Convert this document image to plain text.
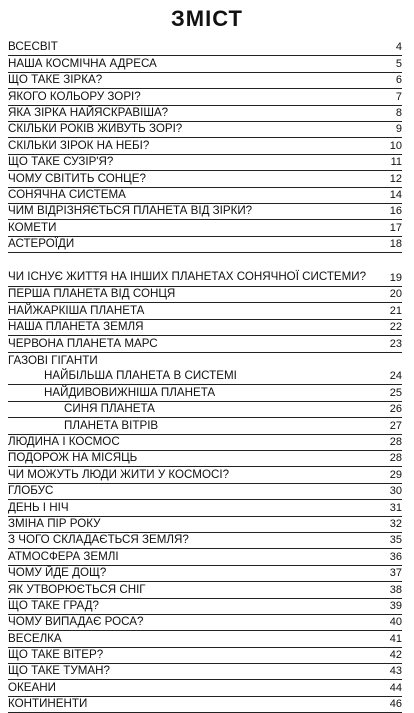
ЗМІСТ
ВСЕСВІТ	4
НАША КОСМІЧНА АДРЕСА	5
ЩО ТАКЕ ЗІРКА?	6
ЯКОГО КОЛЬОРУ ЗОРІ?	7
ЯКА ЗІРКА НАЙЯСКРАВІША?	8
СКІЛЬКИ РОКІВ ЖИВУТЬ ЗОРІ?	9
СКІЛЬКИ ЗІРОК НА НЕБІ?	10
ЩО ТАКЕ СУЗІР'Я?	11
ЧОМУ СВІТИТЬ СОНЦЕ?	12
СОНЯЧНА СИСТЕМА	14
ЧИМ ВІДРІЗНЯЄТЬСЯ ПЛАНЕТА ВІД ЗІРКИ?	16
КОМЕТИ	17
АСТЕРОЇДИ	18
ЧИ ІСНУЄ ЖИТТЯ НА ІНШИХ ПЛАНЕТАХ СОНЯЧНОЇ СИСТЕМИ?	19
ПЕРША ПЛАНЕТА ВІД СОНЦЯ	20
НАЙЖАРКІША ПЛАНЕТА	21
НАША ПЛАНЕТА ЗЕМЛЯ	22
ЧЕРВОНА ПЛАНЕТА МАРС	23
ГАЗОВІ ГІГАНТИ
НАЙБІЛЬША ПЛАНЕТА В СИСТЕМІ	24
НАЙДИВОВИЖНІША ПЛАНЕТА	25
СИНЯ ПЛАНЕТА	26
ПЛАНЕТА ВІТРІВ	27
ЛЮДИНА І КОСМОС	28
ПОДОРОЖ НА МІСЯЦЬ	28
ЧИ МОЖУТЬ ЛЮДИ ЖИТИ У КОСМОСІ?	29
ГЛОБУС	30
ДЕНЬ І НІЧ	31
ЗМІНА ПІР РОКУ	32
З ЧОГО СКЛАДАЄТЬСЯ ЗЕМЛЯ?	35
АТМОСФЕРА ЗЕМЛІ	36
ЧОМУ ЙДЕ ДОЩ?	37
ЯК УТВОРЮЄТЬСЯ СНІГ	38
ЩО ТАКЕ ГРАД?	39
ЧОМУ ВИПАДАЄ РОСА?	40
ВЕСЕЛКА	41
ЩО ТАКЕ ВІТЕР?	42
ЩО ТАКЕ ТУМАН?	43
ОКЕАНИ	44
КОНТИНЕНТИ	46
